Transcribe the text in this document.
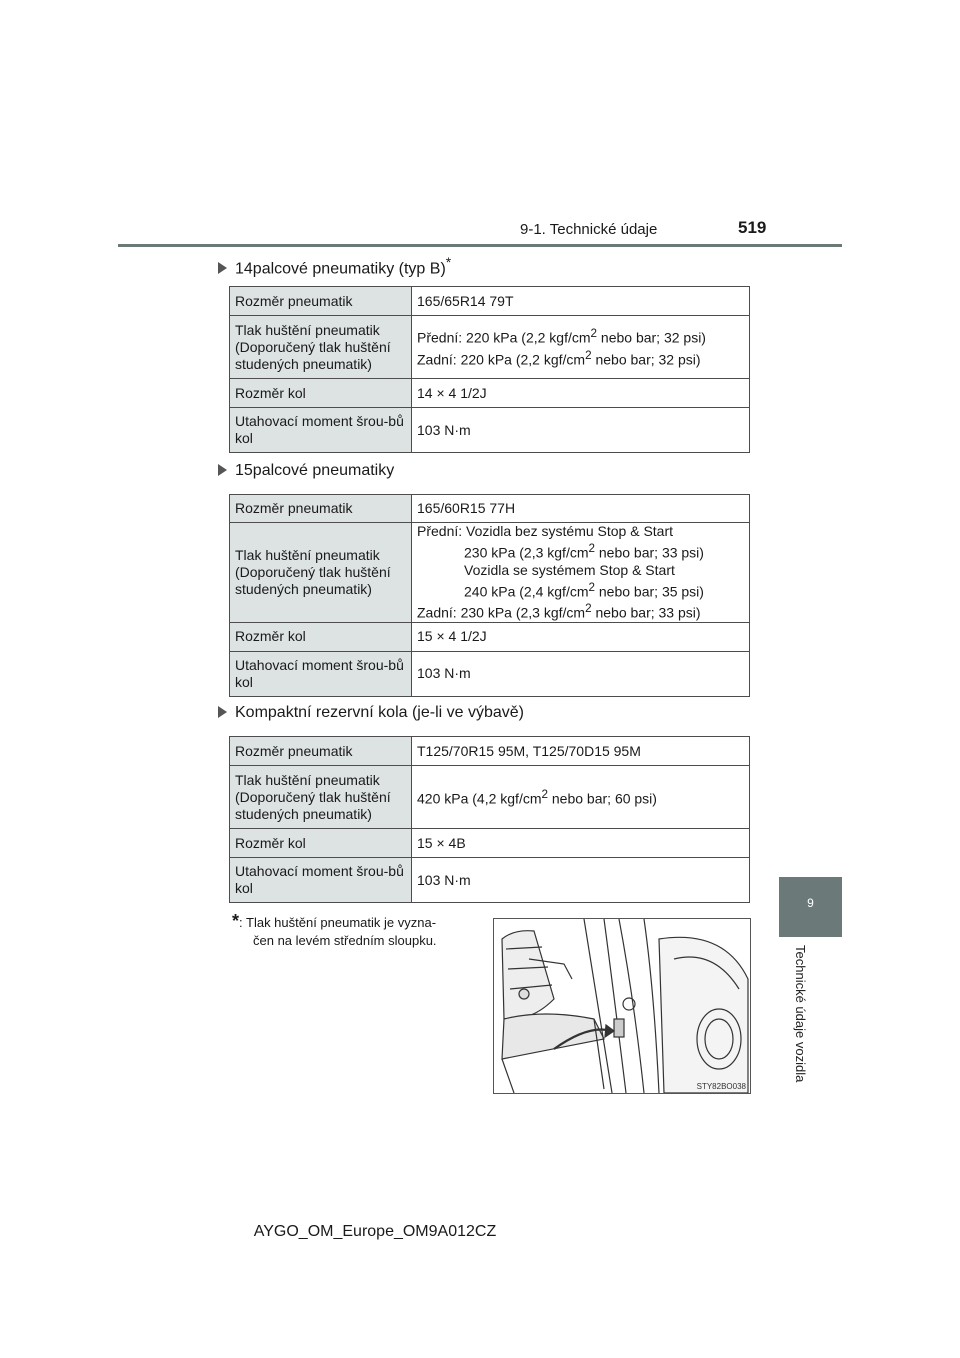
9-1. Technické údaje	519
9
Technické údaje vozidla
14palcové pneumatiky (typ B)*
Rozměr pneumatik	165/65R14 79T
Tlak huštění pneumatik (Doporučený tlak huštění studených pneumatik)	Přední: 220 kPa (2,2 kgf/$cm^2$ nebo bar; 32 psi)
Zadní: 220 kPa (2,2 kgf/$cm^2$ nebo bar; 32 psi)
Rozměr kol	14 × 4 1/2J
Utahovací moment šrou-bů kol	103 N·m
15palcové pneumatiky
Rozměr pneumatik	165/60R15 77H
Tlak huštění pneumatik (Doporučený tlak huštění studených pneumatik)	Přední: Vozidla bez systému Stop & Start

230 kPa (2,3 kgf/$cm^2$ nebo bar; 33 psi)
Vozidla se systémem Stop & Start
240 kPa (2,4 kgf/$cm^2$ nebo bar; 35 psi)
Zadní: 230 kPa (2,3 kgf/$cm^2$ nebo bar; 33 psi)
Rozměr kol	15 × 4 1/2J
Utahovací moment šrou-bů kol	103 N·m
Kompaktní rezervní kola (je-li ve výbavě)
Rozměr pneumatik	T125/70R15 95M, T125/70D15 95M
Tlak huštění pneumatik (Doporučený tlak huštění studených pneumatik)	420 kPa (4,2 kgf/$cm^2$ nebo bar; 60 psi)
Rozměr kol	15 × 4B
Utahovací moment šrou-bů kol	103 N·m
*: Tlak huštění pneumatik je vyzna-
čen na levém středním sloupku.
STY82BO038
AYGO_OM_Europe_OM9A012CZ
